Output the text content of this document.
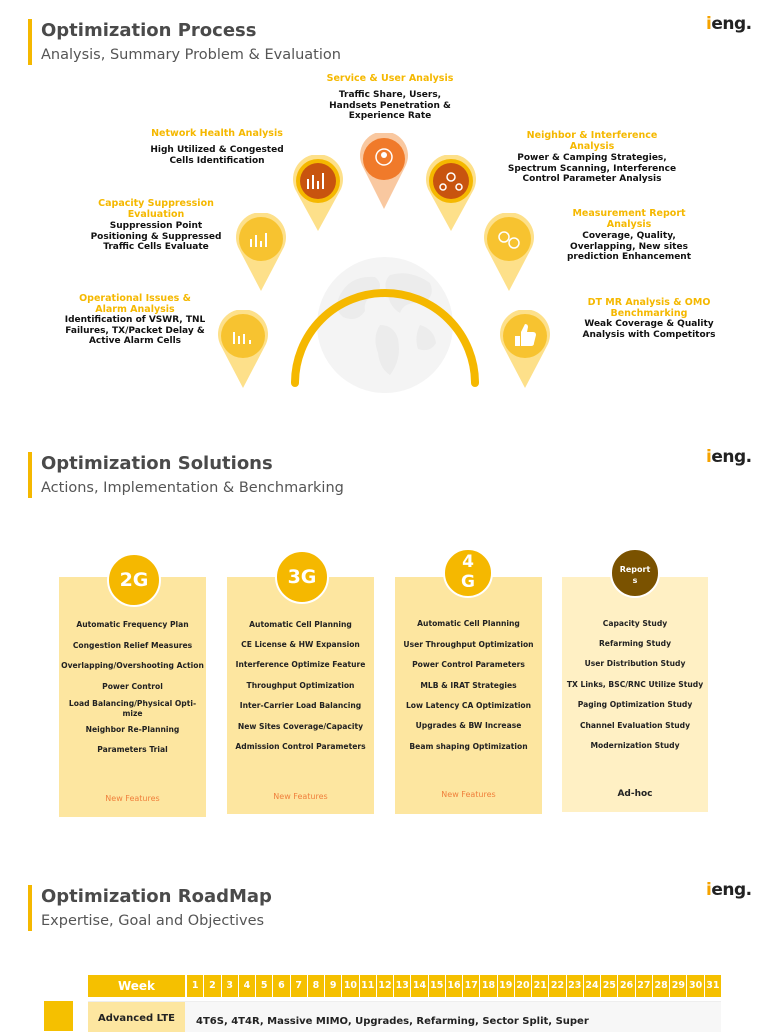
Optimization Process
Analysis, Summary Problem & Evaluation
ieng.
Service & User Analysis
Traffic Share, Users,
Handsets Penetration &
Experience Rate
Network Health Analysis
High Utilized & Congested
Cells Identification
Neighbor & Interference
Analysis
Power & Camping Strategies,
Spectrum Scanning, Interference
Control Parameter Analysis
Capacity Suppression
Evaluation
Suppression Point
Positioning & Suppressed
Traffic Cells Evaluate
Measurement Report
Analysis
Coverage, Quality,
Overlapping, New sites
prediction Enhancement
Operational Issues &
Alarm Analysis
Identification of VSWR, TNL
Failures, TX/Packet Delay &
Active Alarm Cells
DT MR Analysis & OMO
Benchmarking
Weak Coverage & Quality
Analysis with Competitors
Optimization Solutions
Actions, Implementation & Benchmarking
ieng.
Automatic Frequency Plan
Congestion Relief Measures
Overlapping/Overshooting Action
Power Control
Load Balancing/Physical Opti-
mize
Neighbor Re-Planning
Parameters Trial
New Features
2G
Automatic Cell Planning
CE License & HW Expansion
Interference Optimize Feature
Throughput Optimization
Inter-Carrier Load Balancing
New Sites Coverage/Capacity
Admission Control Parameters
New Features
3G
Automatic Cell Planning
User Throughput Optimization
Power Control Parameters
MLB & IRAT Strategies
Low Latency CA Optimization
Upgrades & BW Increase
Beam shaping Optimization
New Features
4
G
Capacity Study
Refarming Study
User Distribution Study
TX Links, BSC/RNC Utilize Study
Paging Optimization Study
Channel Evaluation Study
Modernization Study
Ad-hoc
Report
s
Optimization RoadMap
Expertise, Goal and Objectives
ieng.
Week	1	2	3	4	5	6	7	8	9 10 11 12 13 14 15 16 17 18 19 20 21 22 23 24 25 26 27 28 29 30 31
Advanced LTE	4T6S, 4T4R, Massive MIMO, Upgrades, Refarming, Sector Split, Super
